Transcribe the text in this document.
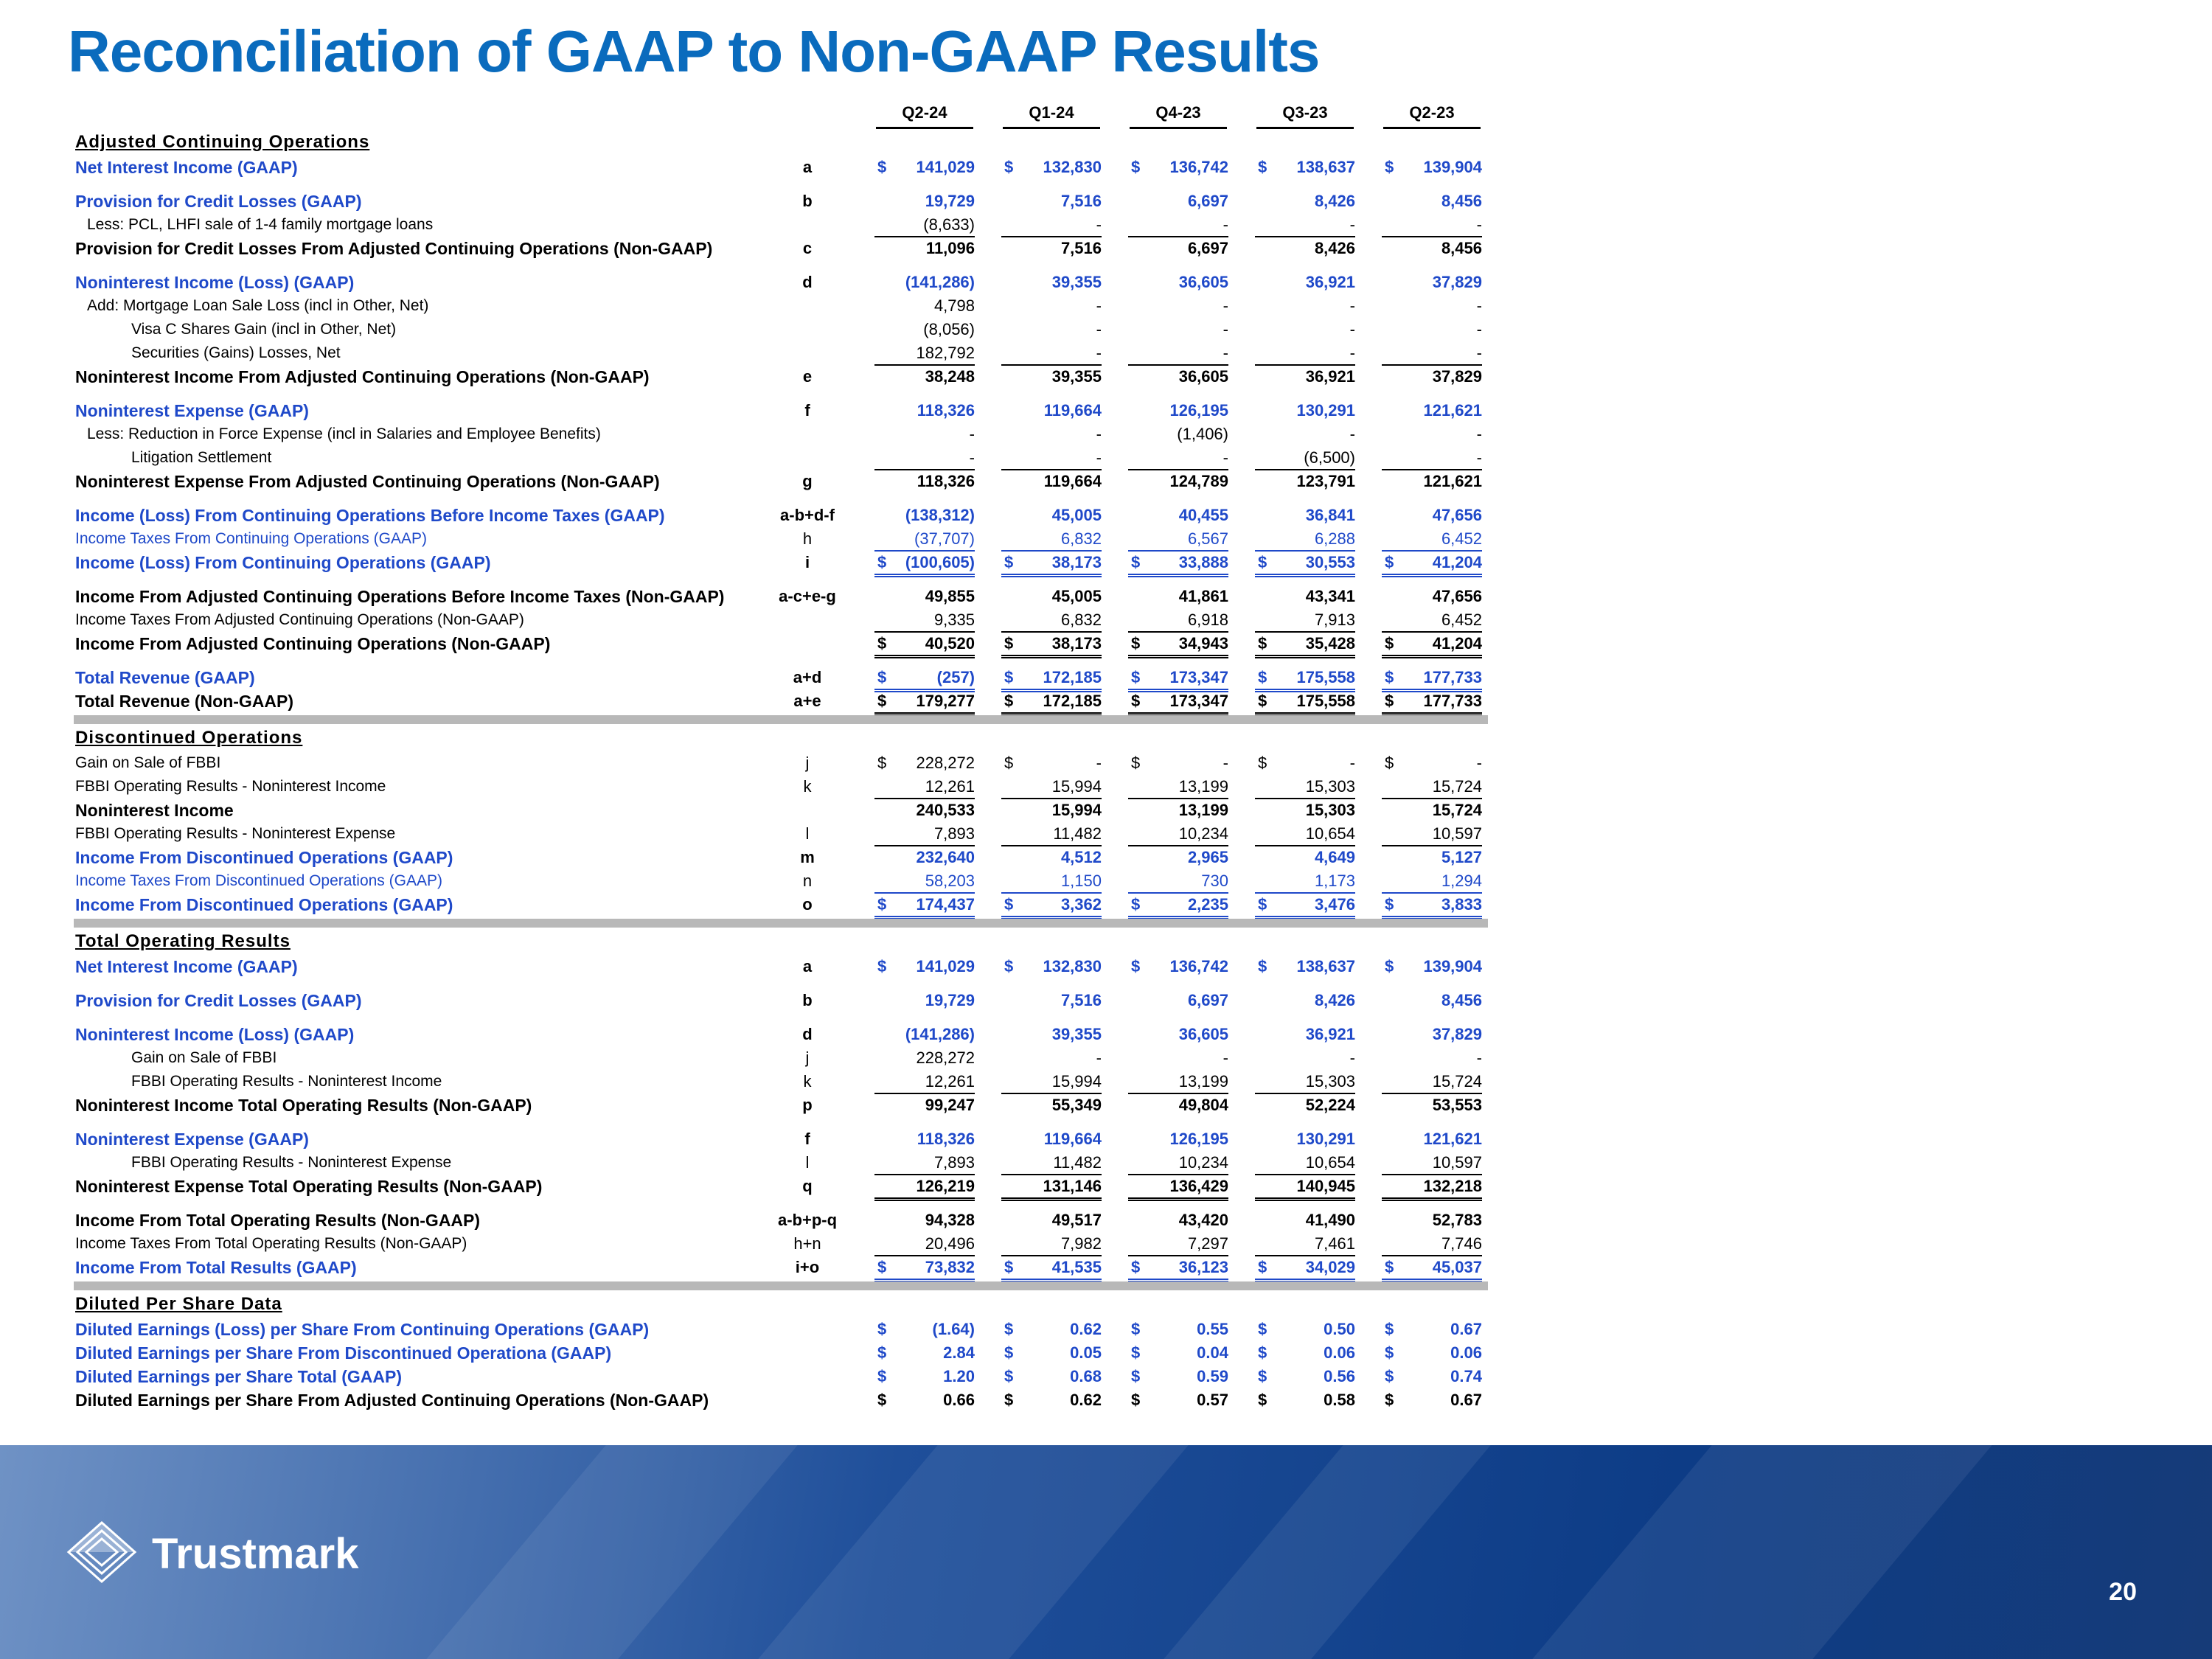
Reconciliation of GAAP to Non-GAAP Results
Q2-24	Q1-24	Q4-23	Q3-23	Q2-23
Adjusted Continuing Operations
Net Interest Income (GAAP)	a	$ 141,029 $ 132,830 $ 136,742 $ 138,637 $ 139,904
Provision for Credit Losses (GAAP)	b	19,729	7,516	6,697	8,426	8,456
Less: PCL, LHFI sale of 1-4 family mortgage loans	(8,633)	-	-	-	-
Provision for Credit Losses From Adjusted Continuing Operations (Non-GAAP)	c	11,096	7,516	6,697	8,426	8,456
Noninterest Income (Loss) (GAAP)	d	(141,286)	39,355	36,605	36,921	37,829
Add: Mortgage Loan Sale Loss (incl in Other, Net)	4,798	-	-	-	-
Visa C Shares Gain (incl in Other, Net)	(8,056)	-	-	-	-
Securities (Gains) Losses, Net	182,792	-	-	-	-
Noninterest Income From Adjusted Continuing Operations (Non-GAAP)	e	38,248	39,355	36,605	36,921	37,829
Noninterest Expense (GAAP)	f	118,326	119,664	126,195	130,291	121,621
Less: Reduction in Force Expense (incl in Salaries and Employee Benefits)	-	-	(1,406)	-	-
Litigation Settlement	-	-	-	(6,500)	-
Noninterest Expense From Adjusted Continuing Operations (Non-GAAP)	g	118,326	119,664	124,789	123,791	121,621
Income (Loss) From Continuing Operations Before Income Taxes (GAAP)	a-b+d-f	(138,312)	45,005	40,455	36,841	47,656
Income Taxes From Continuing Operations (GAAP)	h	(37,707)	6,832	6,567	6,288	6,452
Income (Loss) From Continuing Operations (GAAP)	i	$ (100,605) $ 38,173 $ 33,888 $ 30,553 $ 41,204
Income From Adjusted Continuing Operations Before Income Taxes (Non-GAAP)	a-c+e-g	49,855	45,005	41,861	43,341	47,656
Income Taxes From Adjusted Continuing Operations (Non-GAAP)	9,335	6,832	6,918	7,913	6,452
Income From Adjusted Continuing Operations (Non-GAAP)	$ 40,520 $ 38,173 $ 34,943 $ 35,428 $ 41,204
Total Revenue (GAAP)	a+d	$	(257) $ 172,185 $ 173,347 $ 175,558 $ 177,733
Total Revenue (Non-GAAP)	a+e	$ 179,277 $ 172,185 $ 173,347 $ 175,558 $ 177,733
Discontinued Operations
Gain on Sale of FBBI	j	$ 228,272 $	- $	- $	- $	-
FBBI Operating Results - Noninterest Income	k	12,261	15,994	13,199	15,303	15,724
Noninterest Income	240,533	15,994	13,199	15,303	15,724
FBBI Operating Results - Noninterest Expense	l	7,893	11,482	10,234	10,654	10,597
Income From Discontinued Operations (GAAP)	m	232,640	4,512	2,965	4,649	5,127
Income Taxes From Discontinued Operations (GAAP)	n	58,203	1,150	730	1,173	1,294
Income From Discontinued Operations (GAAP)	o	$ 174,437 $	3,362 $	2,235 $	3,476 $	3,833
Total Operating Results
Net Interest Income (GAAP)	a	$ 141,029 $ 132,830 $ 136,742 $ 138,637 $ 139,904
Provision for Credit Losses (GAAP)	b	19,729	7,516	6,697	8,426	8,456
Noninterest Income (Loss) (GAAP)	d	(141,286)	39,355	36,605	36,921	37,829
Gain on Sale of FBBI	j	228,272	-	-	-	-
FBBI Operating Results - Noninterest Income	k	12,261	15,994	13,199	15,303	15,724
Noninterest Income Total Operating Results (Non-GAAP)	p	99,247	55,349	49,804	52,224	53,553
Noninterest Expense (GAAP)	f	118,326	119,664	126,195	130,291	121,621
FBBI Operating Results - Noninterest Expense	l	7,893	11,482	10,234	10,654	10,597
Noninterest Expense Total Operating Results (Non-GAAP)	q	126,219	131,146	136,429	140,945	132,218
Income From Total Operating Results (Non-GAAP)	a-b+p-q	94,328	49,517	43,420	41,490	52,783
Income Taxes From Total Operating Results (Non-GAAP)	h+n	20,496	7,982	7,297	7,461	7,746
Income From Total Results (GAAP)	i+o	$ 73,832 $ 41,535 $ 36,123 $ 34,029 $ 45,037
Diluted Per Share Data
Diluted Earnings (Loss) per Share From Continuing Operations (GAAP)	$	(1.64) $	0.62 $	0.55 $	0.50 $	0.67
Diluted Earnings per Share From Discontinued Operationa (GAAP)	$	2.84 $	0.05 $	0.04 $	0.06 $	0.06
Diluted Earnings per Share Total (GAAP)	$	1.20 $	0.68 $	0.59 $	0.56 $	0.74
Diluted Earnings per Share From Adjusted Continuing Operations (Non-GAAP)	$	0.66 $	0.62 $	0.57 $	0.58 $	0.67
Trustmark
20
